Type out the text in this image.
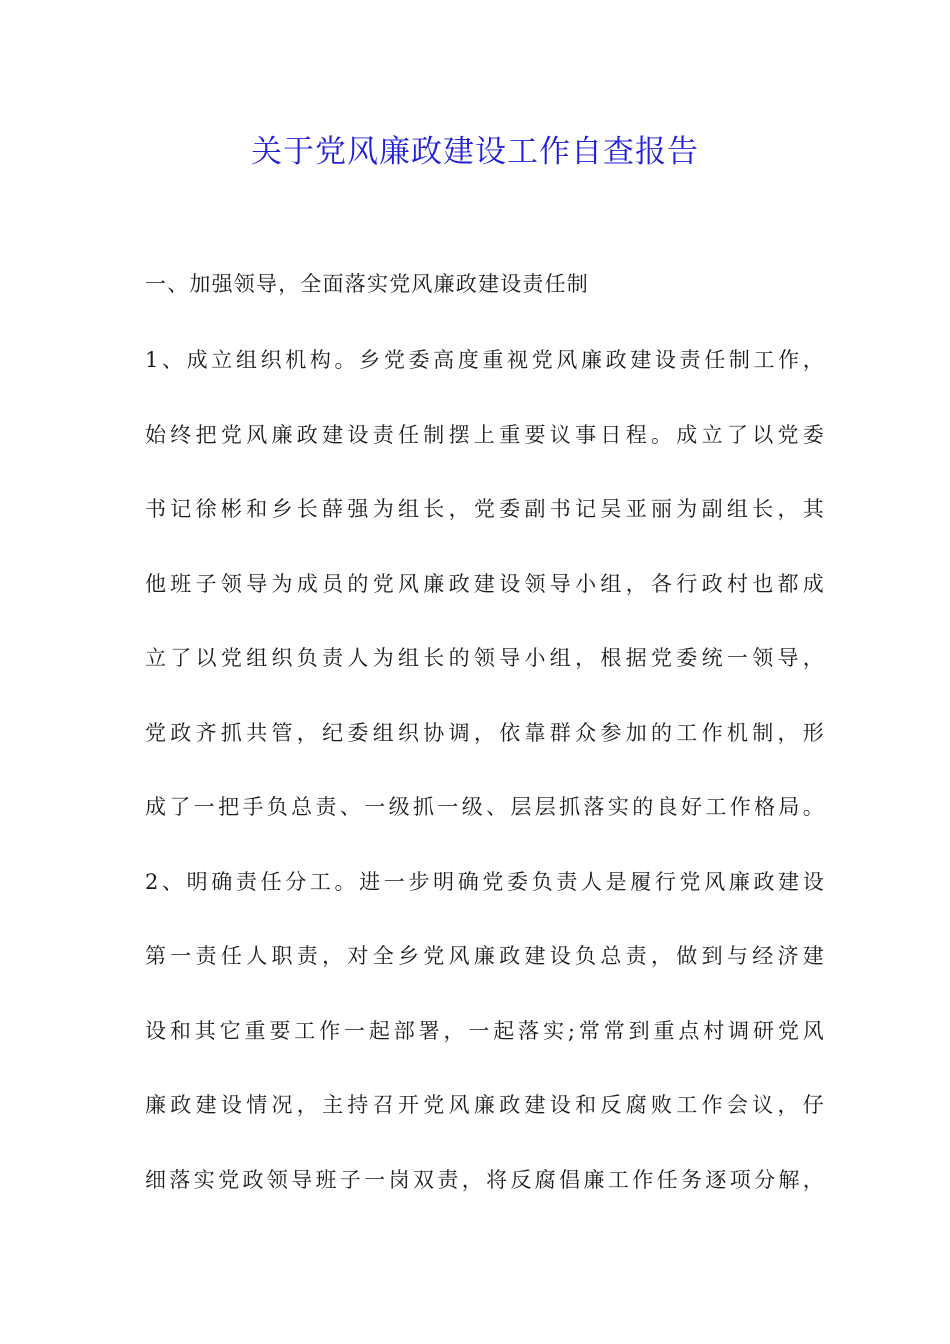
关于党风廉政建设工作自查报告
一、加强领导，全面落实党风廉政建设责任制
1、成立组织机构。乡党委高度重视党风廉政建设责任制工作，
始终把党风廉政建设责任制摆上重要议事日程。成立了以党委
书记徐彬和乡长薛强为组长，党委副书记吴亚丽为副组长，其
他班子领导为成员的党风廉政建设领导小组，各行政村也都成
立了以党组织负责人为组长的领导小组，根据党委统一领导，
党政齐抓共管，纪委组织协调，依靠群众参加的工作机制，形
成了一把手负总责、一级抓一级、层层抓落实的良好工作格局。
2、明确责任分工。进一步明确党委负责人是履行党风廉政建设
第一责任人职责，对全乡党风廉政建设负总责，做到与经济建
设和其它重要工作一起部署，一起落实;常常到重点村调研党风
廉政建设情况，主持召开党风廉政建设和反腐败工作会议，仔
细落实党政领导班子一岗双责，将反腐倡廉工作任务逐项分解，
